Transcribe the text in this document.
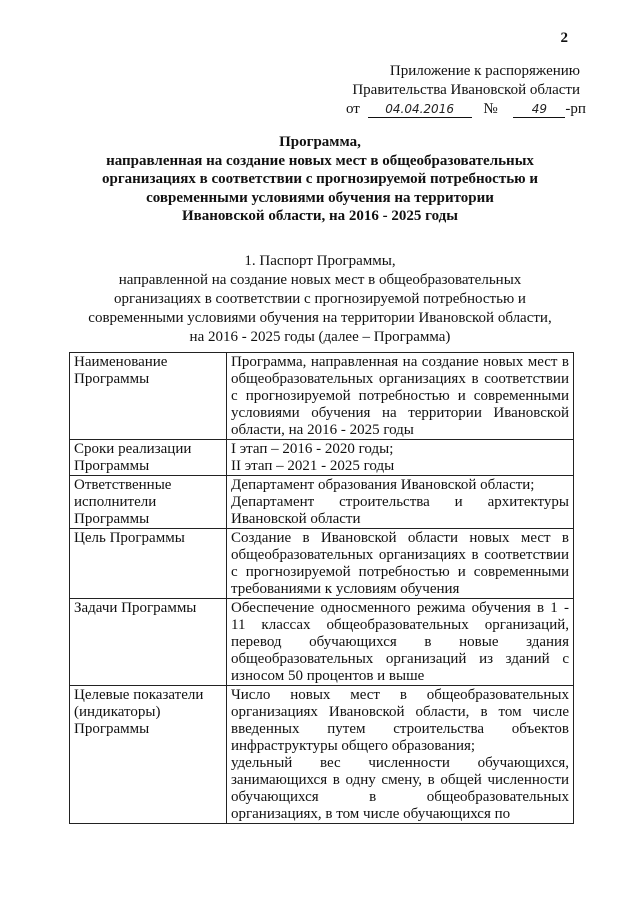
2
Приложение к распоряжению
Правительства Ивановской области
от 04.04.2016 №	49 -рп
Программа,
направленная на создание новых мест в общеобразовательных
организациях в соответствии с прогнозируемой потребностью и
современными условиями обучения на территории
Ивановской области, на 2016 - 2025 годы
1. Паспорт Программы,
направленной на создание новых мест в общеобразовательных
организациях в соответствии с прогнозируемой потребностью и
современными условиями обучения на территории Ивановской области,
на 2016 - 2025 годы (далее – Программа)
Наименование Программы	Программа, направленная на создание новых мест в общеобразовательных организациях в соответствии с прогнозируемой потребностью и современными условиями обучения на территории Ивановской области, на 2016 - 2025 годы

Сроки реализации Программы	I этап – 2016 - 2020 годы;
II этап – 2021 - 2025 годы

Ответственные исполнители Программы	Департамент образования Ивановской области;
Департамент строительства и архитектуры Ивановской области

Цель Программы	Создание в Ивановской области новых мест в общеобразовательных организациях в соответствии с прогнозируемой потребностью и современными требованиями к условиям обучения

Задачи Программы	Обеспечение односменного режима обучения в 1 - 11 классах общеобразовательных организаций, перевод обучающихся в новые здания общеобразовательных организаций из зданий с износом 50 процентов и выше

Целевые показатели (индикаторы) Программы	Число новых мест в общеобразовательных организациях Ивановской области, в том числе введенных путем строительства объектов инфраструктуры общего образования;
удельный вес численности обучающихся, занимающихся в одну смену, в общей численности обучающихся в общеобразовательных организациях, в том числе обучающихся по
